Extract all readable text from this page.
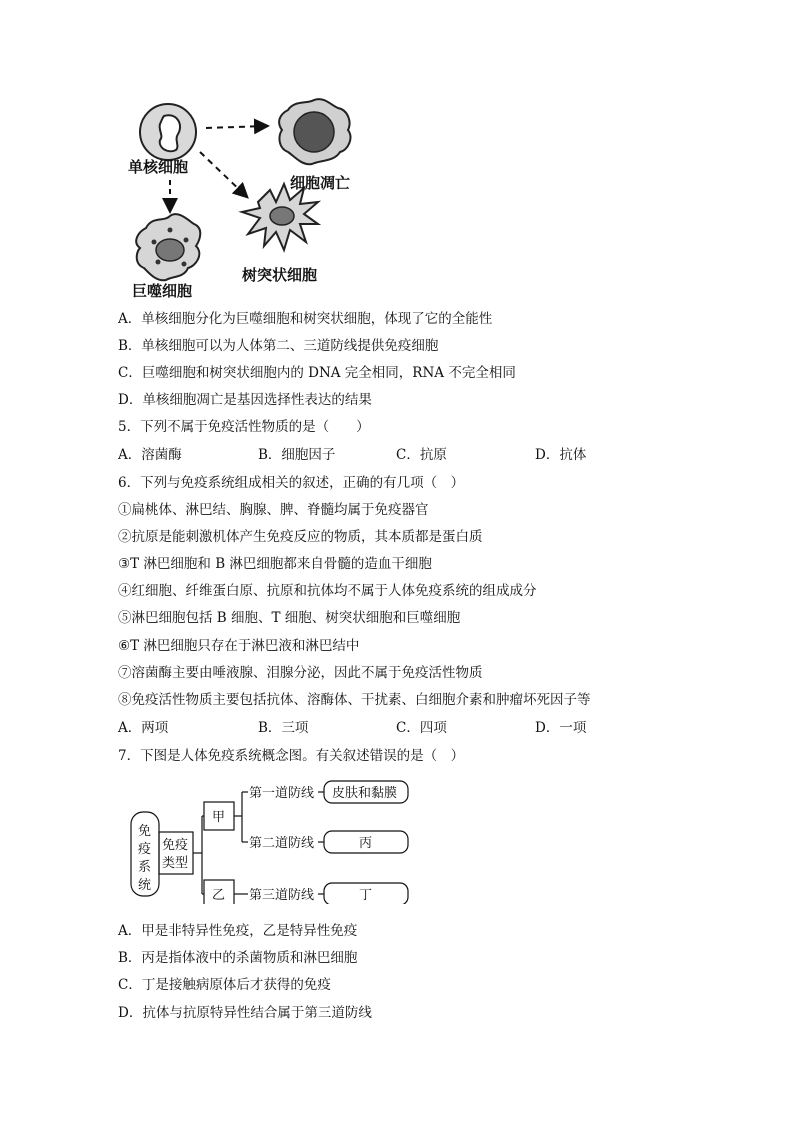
单核细胞
细胞凋亡
树突状细胞
巨噬细胞
A．单核细胞分化为巨噬细胞和树突状细胞，体现了它的全能性
B．单核细胞可以为人体第二、三道防线提供免疫细胞
C．巨噬细胞和树突状细胞内的 DNA 完全相同，RNA 不完全相同
D．单核细胞凋亡是基因选择性表达的结果
5．下列不属于免疫活性物质的是（　　）
A．溶菌酶	B．细胞因子	C．抗原	D．抗体
6．下列与免疫系统组成相关的叙述，正确的有几项（　）
①扁桃体、淋巴结、胸腺、脾、脊髓均属于免疫器官
②抗原是能刺激机体产生免疫反应的物质，其本质都是蛋白质
③T 淋巴细胞和 B 淋巴细胞都来自骨髓的造血干细胞
④红细胞、纤维蛋白原、抗原和抗体均不属于人体免疫系统的组成成分
⑤淋巴细胞包括 B 细胞、T 细胞、树突状细胞和巨噬细胞
⑥T 淋巴细胞只存在于淋巴液和淋巴结中
⑦溶菌酶主要由唾液腺、泪腺分泌，因此不属于免疫活性物质
⑧免疫活性物质主要包括抗体、溶酶体、干扰素、白细胞介素和肿瘤坏死因子等
A．两项	B．三项	C．四项	D．一项
7．下图是人体免疫系统概念图。有关叙述错误的是（　）
免
疫
系
统
免疫
类型
甲
乙
第一道防线
第二道防线
第三道防线
皮肤和黏膜
丙
丁
A．甲是非特异性免疫，乙是特异性免疫
B．丙是指体液中的杀菌物质和淋巴细胞
C．丁是接触病原体后才获得的免疫
D．抗体与抗原特异性结合属于第三道防线
